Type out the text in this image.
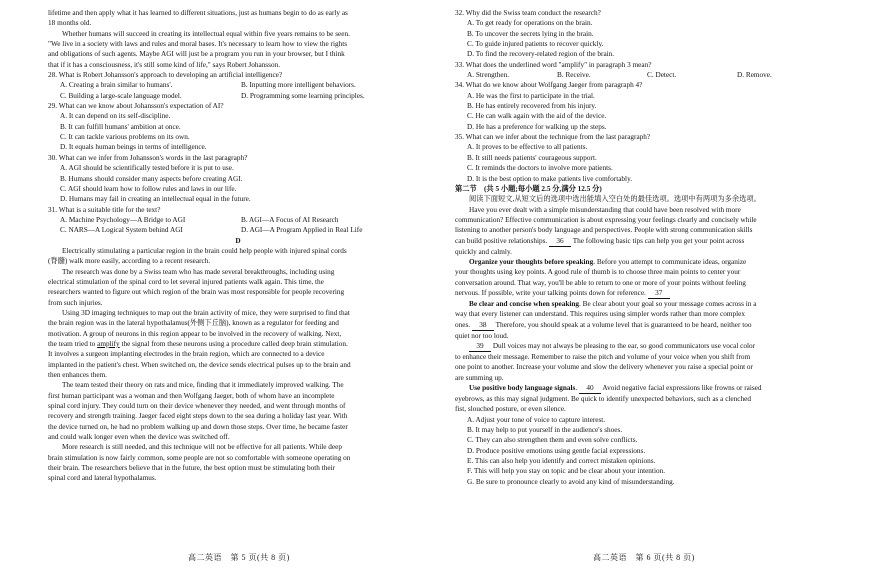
lifetime and then apply what it has learned to different situations, just as humans begin to do as early as
18 months old.
Whether humans will succeed in creating its intellectual equal within five years remains to be seen.
"We live in a society with laws and rules and moral bases. It's necessary to learn how to view the rights
and obligations of such agents. Maybe AGI will just be a program you run in your browser, but I think
that if it has a consciousness, it's still some kind of life," says Robert Johansson.
28. What is Robert Johansson's approach to developing an artificial intelligence?
A. Creating a brain similar to humans'.	B. Inputting more intelligent behaviors.
C. Building a large-scale language model.	D. Programming some learning principles.
29. What can we know about Johansson's expectation of AI?
A. It can depend on its self-discipline.
B. It can fulfill humans' ambition at once.
C. It can tackle various problems on its own.
D. It equals human beings in terms of intelligence.
30. What can we infer from Johansson's words in the last paragraph?
A. AGI should be scientifically tested before it is put to use.
B. Humans should consider many aspects before creating AGI.
C. AGI should learn how to follow rules and laws in our life.
D. Humans may fail in creating an intellectual equal in the future.
31. What is a suitable title for the text?
A. Machine Psychology—A Bridge to AGI	B. AGI—A Focus of AI Research
C. NARS—A Logical System behind AGI	D. AGI—A Program Applied in Real Life
D
Electrically stimulating a particular region in the brain could help people with injured spinal cords
(脊髓) walk more easily, according to a recent research.
The research was done by a Swiss team who has made several breakthroughs, including using
electrical stimulation of the spinal cord to let several injured patients walk again. This time, the
researchers wanted to figure out which region of the brain was most responsible for people recovering
from such injuries.
Using 3D imaging techniques to map out the brain activity of mice, they were surprised to find that
the brain region was in the lateral hypothalamus(外侧下丘脑), known as a regulator for feeding and
motivation. A group of neurons in this region appear to be involved in the recovery of walking. Next,
the team tried to amplify the signal from these neurons using a procedure called deep brain stimulation.
It involves a surgeon implanting electrodes in the brain region, which are connected to a device
implanted in the patient's chest. When switched on, the device sends electrical pulses up to the brain and
then enhances them.
The team tested their theory on rats and mice, finding that it immediately improved walking. The
first human participant was a woman and then Wolfgang Jaeger, both of whom have an incomplete
spinal cord injury. They could turn on their device whenever they needed, and went through months of
recovery and strength training. Jaeger faced eight steps down to the sea during a holiday last year. With
the device turned on, he had no problem walking up and down those steps. Over time, he became faster
and could walk longer even when the device was switched off.
More research is still needed, and this technique will not be effective for all patients. While deep
brain stimulation is now fairly common, some people are not so comfortable with someone operating on
their brain. The researchers believe that in the future, the best option must be stimulating both their
spinal cord and lateral hypothalamus.
32. Why did the Swiss team conduct the research?
A. To get ready for operations on the brain.
B. To uncover the secrets lying in the brain.
C. To guide injured patients to recover quickly.
D. To find the recovery-related region of the brain.
33. What does the underlined word "amplify" in paragraph 3 mean?
A. Strengthen.	B. Receive.	C. Detect.	D. Remove.
34. What do we know about Wolfgang Jaeger from paragraph 4?
A. He was the first to participate in the trial.
B. He has entirely recovered from his injury.
C. He can walk again with the aid of the device.
D. He has a preference for walking up the steps.
35. What can we infer about the technique from the last paragraph?
A. It proves to be effective to all patients.
B. It still needs patients' courageous support.
C. It reminds the doctors to involve more patients.
D. It is the best option to make patients live comfortably.
第二节　(共 5 小题;每小题 2.5 分,满分 12.5 分)
阅读下面短文,从短文后的选项中选出能填入空白处的最佳选项。选项中有两项为多余选项。
Have you ever dealt with a simple misunderstanding that could have been resolved with more
communication? Effective communication is about expressing your feelings clearly and concisely while
listening to another person's body language and perspectives. People with strong communication skills
can build positive relationships. 36 The following basic tips can help you get your point across
quickly and calmly.
Organize your thoughts before speaking. Before you attempt to communicate ideas, organize
your thoughts using key points. A good rule of thumb is to choose three main points to center your
conversation around. That way, you'll be able to return to one or more of your points without feeling
nervous. If possible, write your talking points down for reference. 37
Be clear and concise when speaking. Be clear about your goal so your message comes across in a
way that every listener can understand. This requires using simpler words rather than more complex
ones. 38 Therefore, you should speak at a volume level that is guaranteed to be heard, neither too
quiet nor too loud.
39 Dull voices may not always be pleasing to the ear, so good communicators use vocal color
to enhance their message. Remember to raise the pitch and volume of your voice when you shift from
one point to another. Increase your volume and slow the delivery whenever you raise a special point or
are summing up.
Use positive body language signals. 40 Avoid negative facial expressions like frowns or raised
eyebrows, as this may signal judgment. Be quick to identify unexpected behaviors, such as a clenched
fist, slouched posture, or even silence.
A. Adjust your tone of voice to capture interest.
B. It may help to put yourself in the audience's shoes.
C. They can also strengthen them and even solve conflicts.
D. Produce positive emotions using gentle facial expressions.
E. This can also help you identify and correct mistaken opinions.
F. This will help you stay on topic and be clear about your intention.
G. Be sure to pronounce clearly to avoid any kind of misunderstanding.
高二英语　第 5 页(共 8 页)	高二英语　第 6 页(共 8 页)
